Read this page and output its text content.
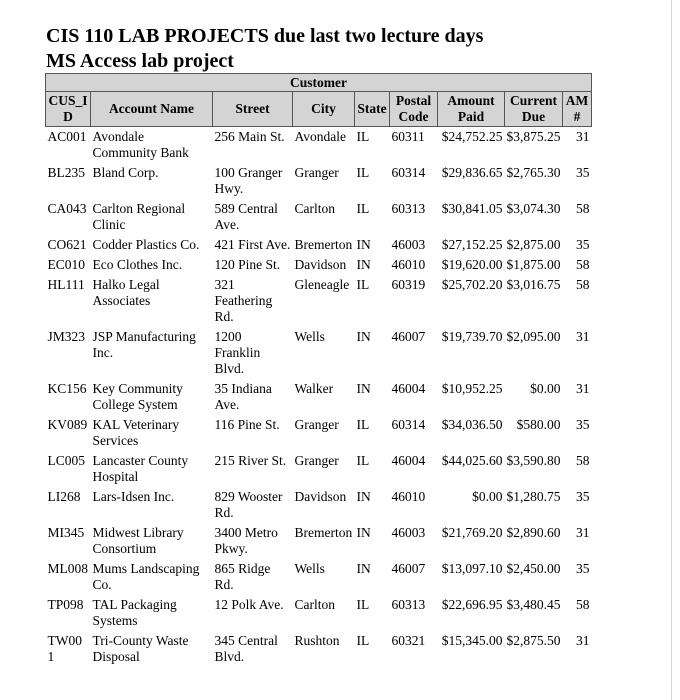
CIS 110 LAB PROJECTS due last two lecture days
MS Access lab project
Customer								
CUS_ID	Account Name	Street	City	State	Postal Code	Amount Paid	Current Due	AM #
AC001	Avondale Community Bank	256 Main St.	Avondale	IL	60311	$24,752.25	$3,875.25	31
BL235	Bland Corp.	100 Granger Hwy.	Granger	IL	60314	$29,836.65	$2,765.30	35
CA043	Carlton Regional Clinic	589 Central Ave.	Carlton	IL	60313	$30,841.05	$3,074.30	58
CO621	Codder Plastics Co.	421 First Ave.	Bremerton	IN	46003	$27,152.25	$2,875.00	35
EC010	Eco Clothes Inc.	120 Pine St.	Davidson	IN	46010	$19,620.00	$1,875.00	58
HL111	Halko Legal Associates	321 Feathering Rd.	Gleneagle	IL	60319	$25,702.20	$3,016.75	58
JM323	JSP Manufacturing Inc.	1200 Franklin Blvd.	Wells	IN	46007	$19,739.70	$2,095.00	31
KC156	Key Community College System	35 Indiana Ave.	Walker	IN	46004	$10,952.25	$0.00	31
KV089	KAL Veterinary Services	116 Pine St.	Granger	IL	60314	$34,036.50	$580.00	35
LC005	Lancaster County Hospital	215 River St.	Granger	IL	46004	$44,025.60	$3,590.80	58
LI268	Lars-Idsen Inc.	829 Wooster Rd.	Davidson	IN	46010	$0.00	$1,280.75	35
MI345	Midwest Library Consortium	3400 Metro Pkwy.	Bremerton	IN	46003	$21,769.20	$2,890.60	31
ML008	Mums Landscaping Co.	865 Ridge Rd.	Wells	IN	46007	$13,097.10	$2,450.00	35
TP098	TAL Packaging Systems	12 Polk Ave.	Carlton	IL	60313	$22,696.95	$3,480.45	58
TW001	Tri-County Waste Disposal	345 Central Blvd.	Rushton	IL	60321	$15,345.00	$2,875.50	31
